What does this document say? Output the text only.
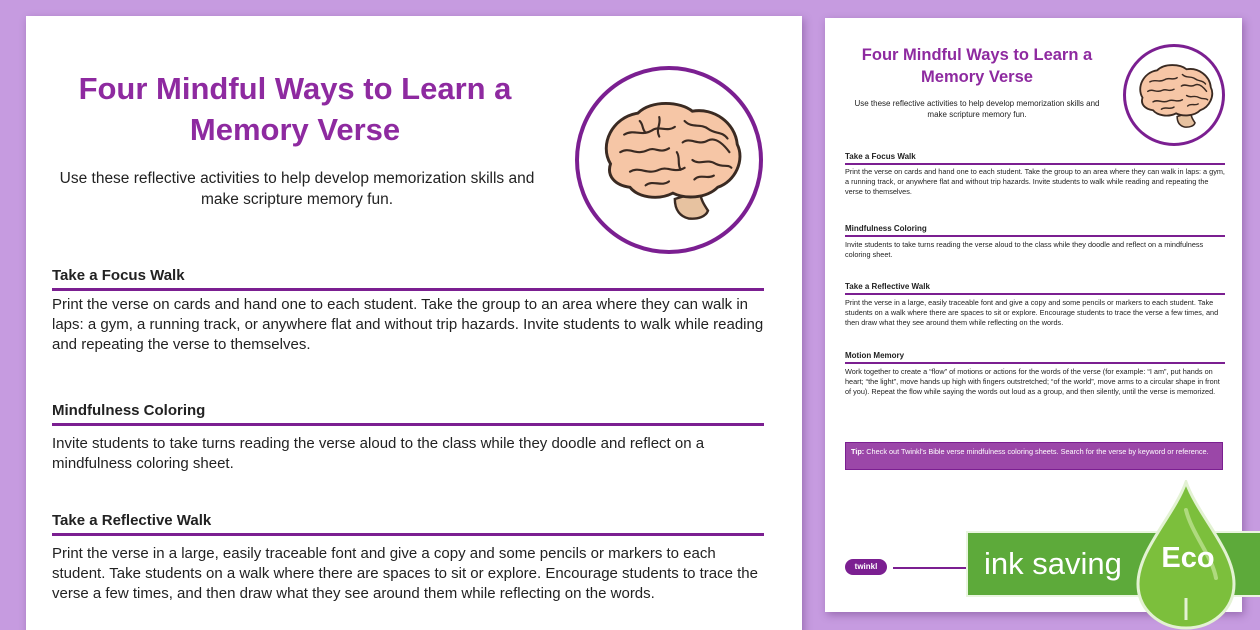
Four Mindful Ways to Learn a Memory Verse
Use these reflective activities to help develop memorization skills and make scripture memory fun.
Take a Focus Walk
Print the verse on cards and hand one to each student. Take the group to an area where they can walk in laps: a gym, a running track, or anywhere flat and without trip hazards. Invite students to walk while reading and repeating the verse to themselves.
Mindfulness Coloring
Invite students to take turns reading the verse aloud to the class while they doodle and reflect on a mindfulness coloring sheet.
Take a Reflective Walk
Print the verse in a large, easily traceable font and give a copy and some pencils or markers to each student. Take students on a walk where there are spaces to sit or explore. Encourage students to trace the verse a few times, and then draw what they see around them while reflecting on the words.
Four Mindful Ways to Learn a Memory Verse
Use these reflective activities to help develop memorization skills and make scripture memory fun.
Take a Focus Walk
Print the verse on cards and hand one to each student. Take the group to an area where they can walk in laps: a gym, a running track, or anywhere flat and without trip hazards. Invite students to walk while reading and repeating the verse to themselves.
Mindfulness Coloring
Invite students to take turns reading the verse aloud to the class while they doodle and reflect on a mindfulness coloring sheet.
Take a Reflective Walk
Print the verse in a large, easily traceable font and give a copy and some pencils or markers to each student. Take students on a walk where there are spaces to sit or explore. Encourage students to trace the verse a few times, and then draw what they see around them while reflecting on the words.
Motion Memory
Work together to create a “flow” of motions or actions for the words of the verse (for example: “I am”, put hands on heart; “the light”, move hands up high with fingers outstretched; “of the world”, move arms to a circular shape in front of you). Repeat the flow while saying the words out loud as a group, and then silently, until the verse is memorized.
Tip: Check out Twinkl's Bible verse mindfulness coloring sheets. Search for the verse by keyword or reference.
twinkl	ink saving Eco
